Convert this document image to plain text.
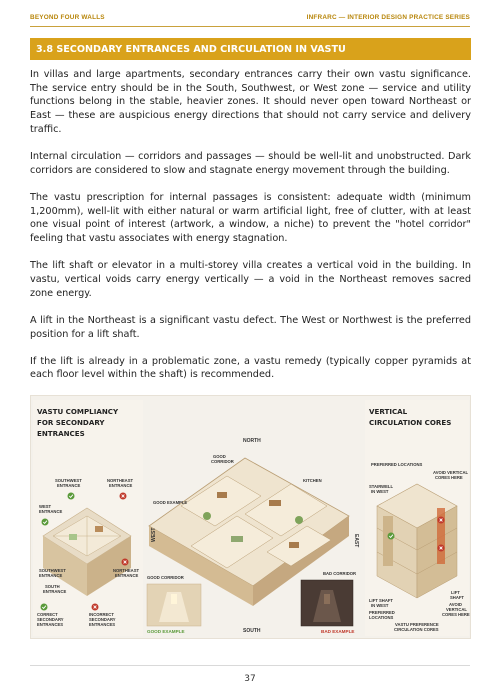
BEYOND FOUR WALLS	INFRARC — INTERIOR DESIGN PRACTICE SERIES
3.8 SECONDARY ENTRANCES AND CIRCULATION IN VASTU

In villas and large apartments, secondary entrances carry their own vastu significance. The service entry should be in the South, Southwest, or West zone — service and utility functions belong in the stable, heavier zones. It should never open toward Northeast or East — these are auspicious energy directions that should not carry service and delivery traffic.

Internal circulation — corridors and passages — should be well-lit and unobstructed. Dark corridors are considered to slow and stagnate energy movement through the building.

The vastu prescription for internal passages is consistent: adequate width (minimum 1,200mm), well-lit with either natural or warm artificial light, free of clutter, with at least one visual point of interest (artwork, a window, a niche) to prevent the "hotel corridor" feeling that vastu associates with energy stagnation.

The lift shaft or elevator in a multi-storey villa creates a vertical void in the building. In vastu, vertical voids carry energy vertically — a void in the Northeast removes sacred zone energy.

A lift in the Northeast is a significant vastu defect. The West or Northwest is the preferred position for a lift shaft.

If the lift is already in a problematic zone, a vastu remedy (typically copper pyramids at each floor level within the shaft) is recommended.

VASTU COMPLIANCY
FOR SECONDARY
ENTRANCES
SOUTHWEST
ENTRANCE
NORTHEAST
ENTRANCE
WEST
ENTRANCE
SOUTHWEST
ENTRANCE
NORTHEAST
ENTRANCE
SOUTH
ENTRANCE
CORRECT
SECONDARY
ENTRANCES
INCORRECT
SECONDARY
ENTRANCES
NORTH
SOUTH
WEST	EAST
GOOD
CORRIDOR
KITCHEN
GOOD EXAMPLE
GOOD CORRIDOR
BAD CORRIDOR
GOOD EXAMPLE	BAD EXAMPLE
VERTICAL
CIRCULATION CORES
PREFERRED LOCATIONS
AVOID VERTICAL
CORES HERE
STAIRWELL
IN WEST
LIFT SHAFT
IN WEST
PREFERRED
LOCATIONS
LIFT
SHAFT
AVOID
VERTICAL
CORES HERE
VASTU PREFERENCE
CIRCULATION CORES
37
